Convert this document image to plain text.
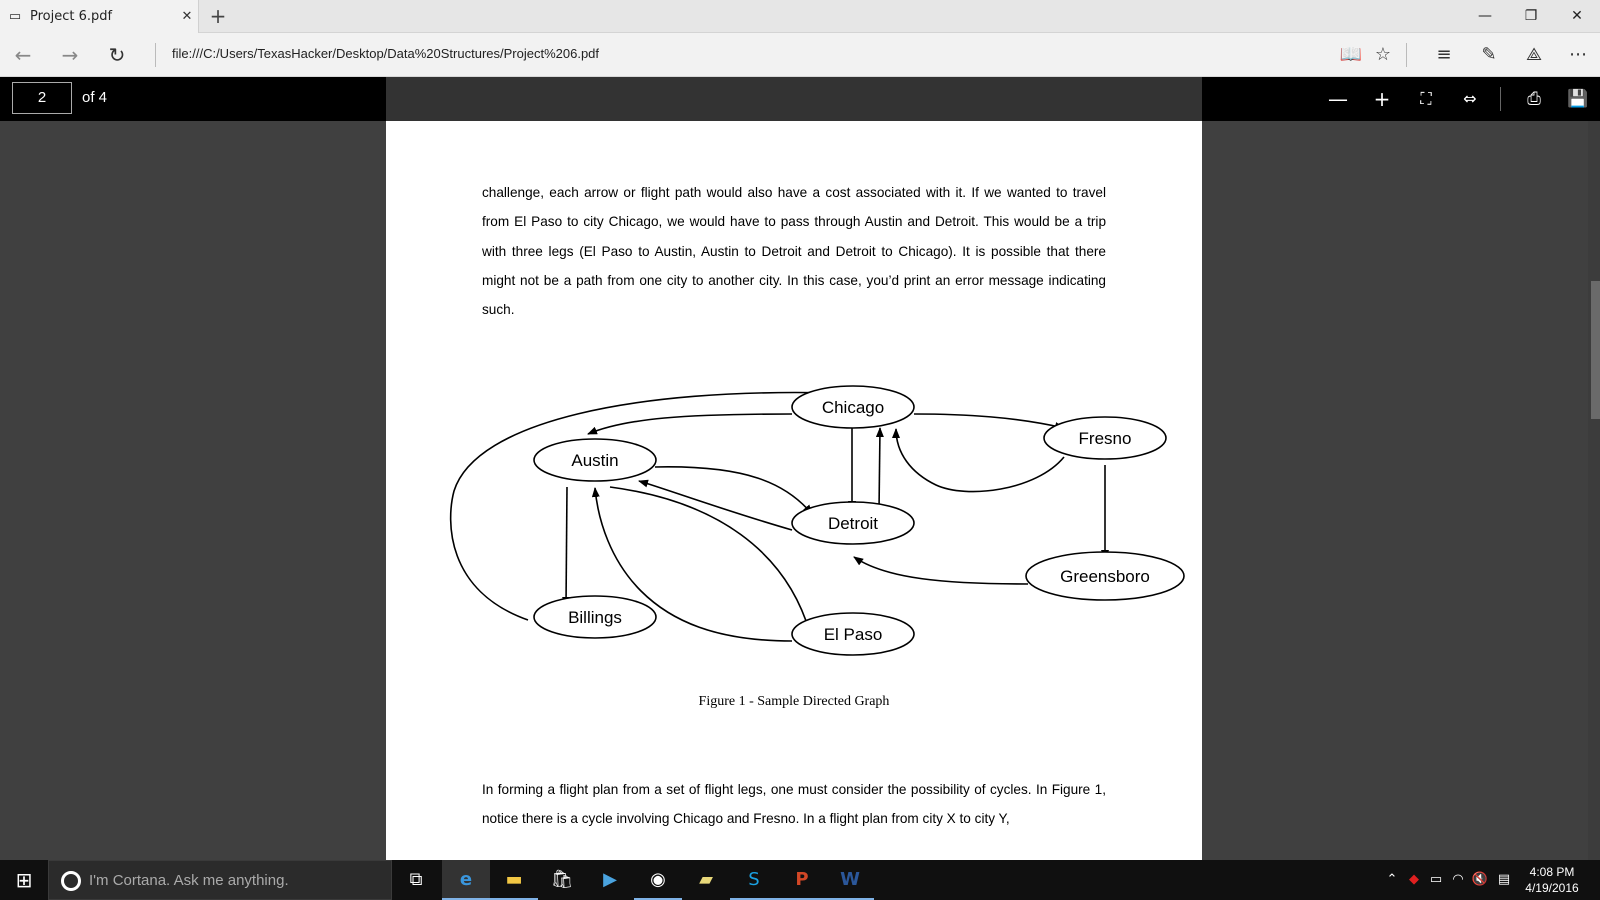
▭ Project 6.pdf	✕ +	—	❐	✕
←	→	↻	file:///C:/Users/TexasHacker/Desktop/Data%20Structures/Project%206.pdf	📖 ☆	≡	✎	⟁	⋯
2	of 4	—	+	⛶	⇔	⎙	💾
challenge, each arrow or flight path would also have a cost associated with it. If we wanted to travel from El Paso to city Chicago, we would have to pass through Austin and Detroit. This would be a trip with three legs (El Paso to Austin, Austin to Detroit and Detroit to Chicago). It is possible that there might not be a path from one city to another city. In this case, you’d print an error message indicating such.
Chicago
Fresno
Austin
Detroit
Greensboro
Billings
El Paso
Figure 1 - Sample Directed Graph
In forming a flight plan from a set of flight legs, one must consider the possibility of cycles. In Figure 1, notice there is a cycle involving Chicago and Fresno. In a flight plan from city X to city Y,
⊞	I'm Cortana. Ask me anything.	⧉	e	▬	🛍	▶	◉	▰	S	P	W	⌃ ◆ ▭ ◠ 🔇 ▤	4:08 PM
4/19/2016
